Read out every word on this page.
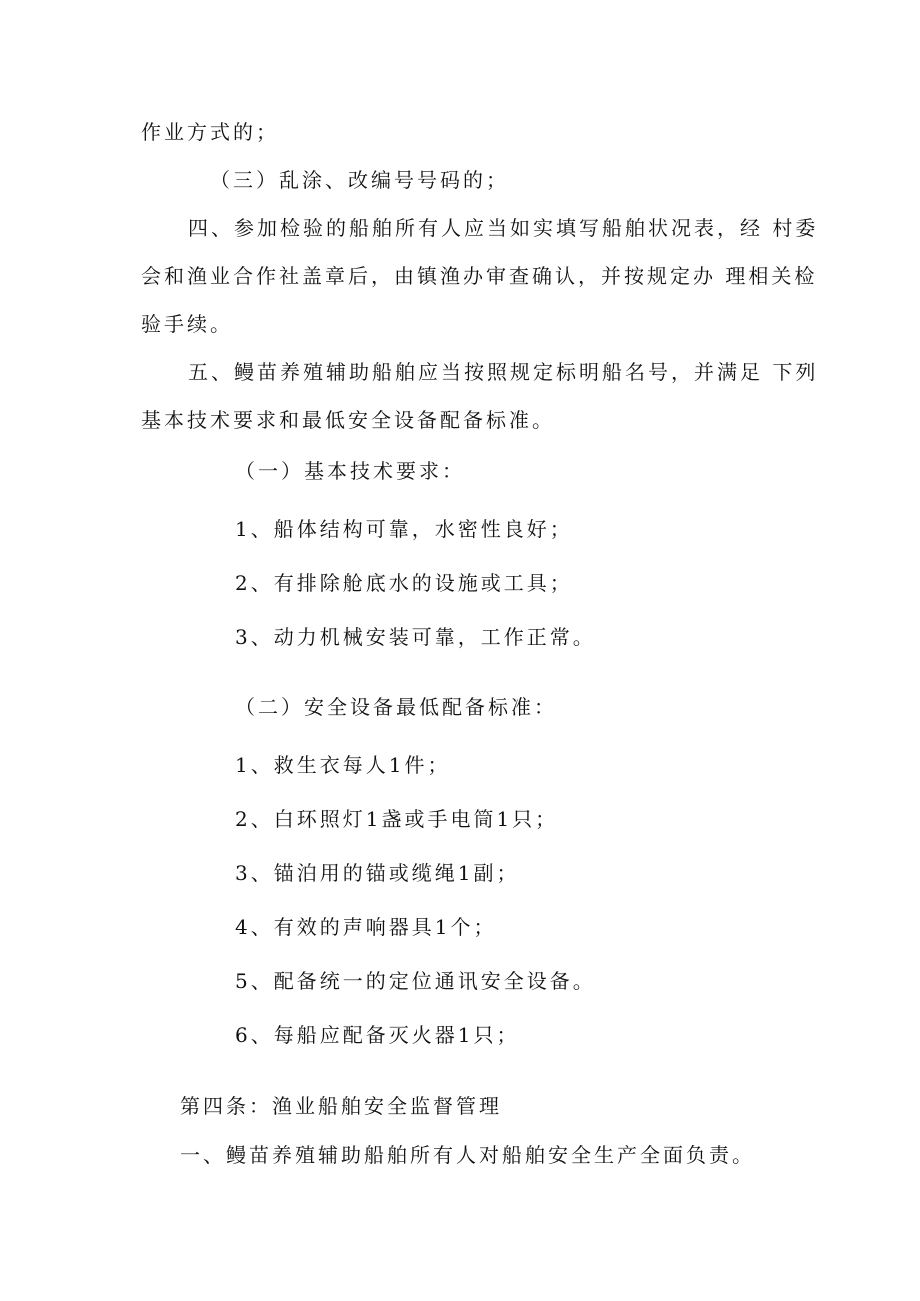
作业方式的；
（三）乱涂、改编号号码的；
四、参加检验的船舶所有人应当如实填写船舶状况表，经 村委
会和渔业合作社盖章后，由镇渔办审查确认，并按规定办 理相关检
验手续。
五、鳗苗养殖辅助船舶应当按照规定标明船名号，并满足 下列
基本技术要求和最低安全设备配备标准。
（一）基本技术要求：
1、船体结构可靠，水密性良好；
2、有排除舱底水的设施或工具；
3、动力机械安装可靠，工作正常。
（二）安全设备最低配备标准：
1、救生衣每人1件；
2、白环照灯1盏或手电筒1只；
3、锚泊用的锚或缆绳1副；
4、有效的声响器具1个；
5、配备统一的定位通讯安全设备。
6、每船应配备灭火器1只；
第四条：渔业船舶安全监督管理
一、鳗苗养殖辅助船舶所有人对船舶安全生产全面负责。
